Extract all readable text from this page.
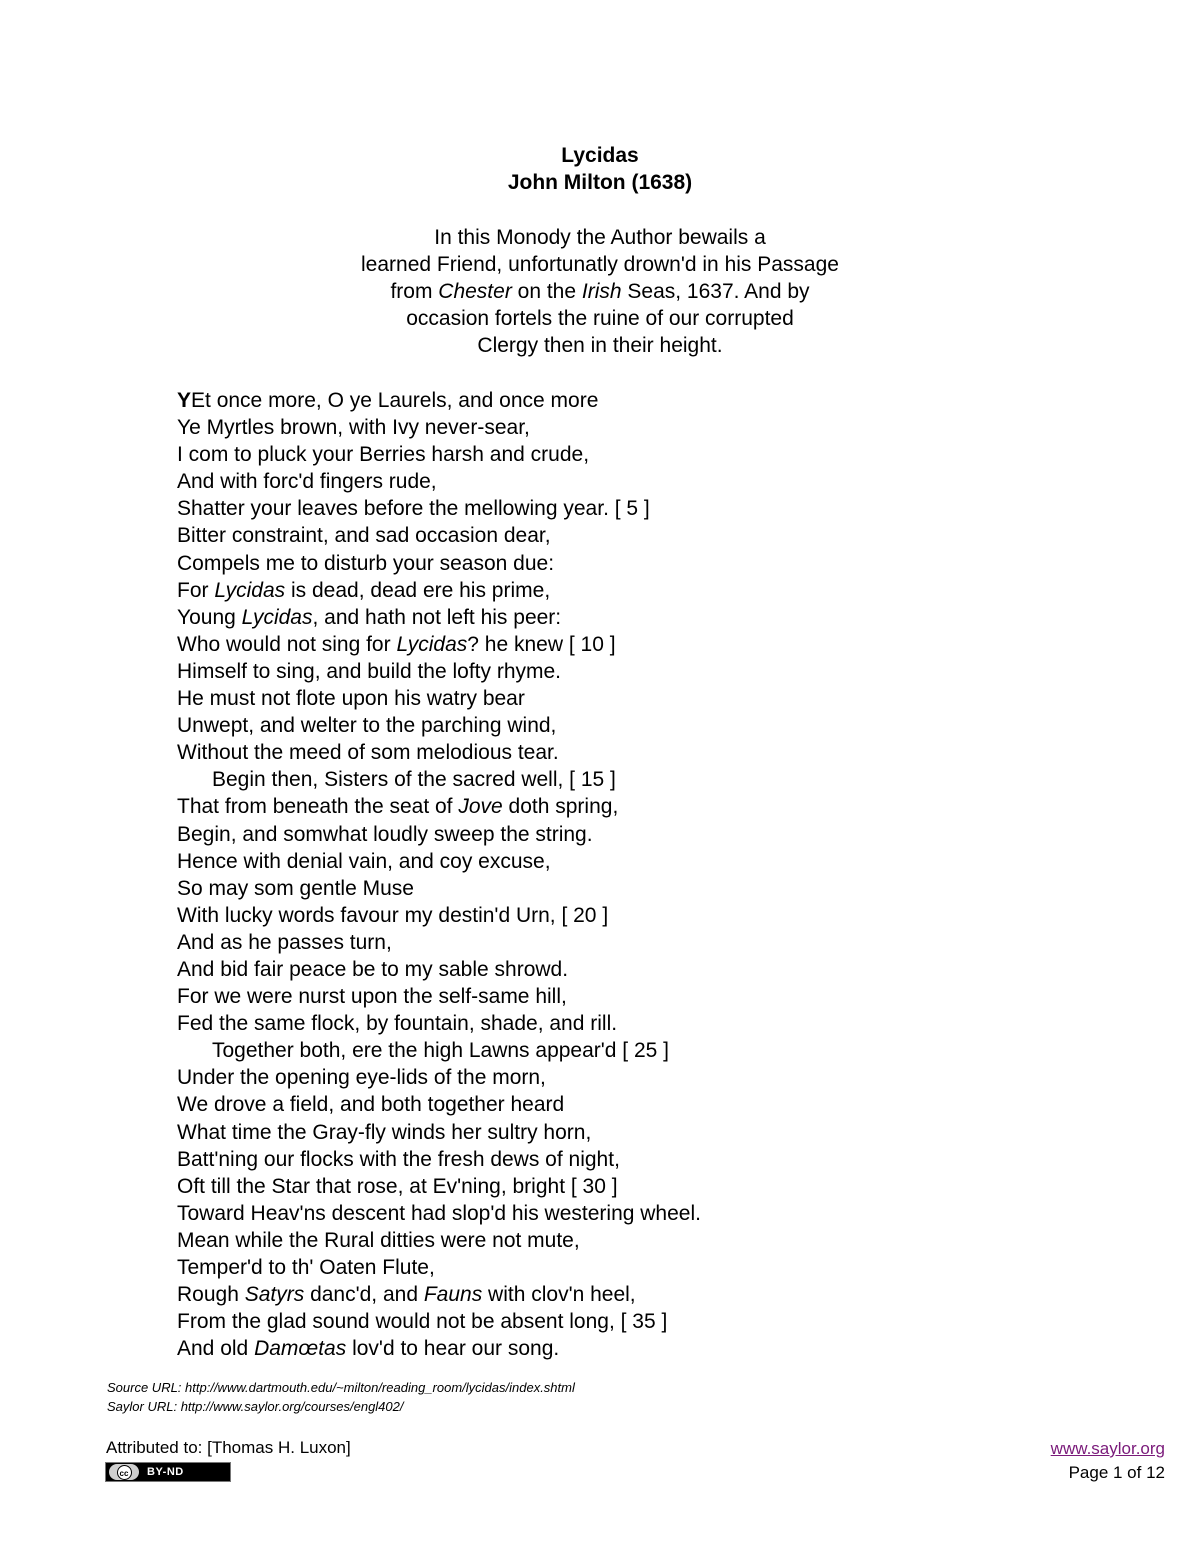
Lycidas
John Milton (1638)
In this Monody the Author bewails a
learned Friend, unfortunatly drown'd in his Passage
from Chester on the Irish Seas, 1637. And by
occasion fortels the ruine of our corrupted
Clergy then in their height.
YEt once more, O ye Laurels, and once more
Ye Myrtles brown, with Ivy never-sear,
I com to pluck your Berries harsh and crude,
And with forc'd fingers rude,
Shatter your leaves before the mellowing year. [ 5 ]
Bitter constraint, and sad occasion dear,
Compels me to disturb your season due:
For Lycidas is dead, dead ere his prime,
Young Lycidas, and hath not left his peer:
Who would not sing for Lycidas? he knew [ 10 ]
Himself to sing, and build the lofty rhyme.
He must not flote upon his watry bear
Unwept, and welter to the parching wind,
Without the meed of som melodious tear.
Begin then, Sisters of the sacred well, [ 15 ]
That from beneath the seat of Jove doth spring,
Begin, and somwhat loudly sweep the string.
Hence with denial vain, and coy excuse,
So may som gentle Muse
With lucky words favour my destin'd Urn, [ 20 ]
And as he passes turn,
And bid fair peace be to my sable shrowd.
For we were nurst upon the self-same hill,
Fed the same flock, by fountain, shade, and rill.
Together both, ere the high Lawns appear'd [ 25 ]
Under the opening eye-lids of the morn,
We drove a field, and both together heard
What time the Gray-fly winds her sultry horn,
Batt'ning our flocks with the fresh dews of night,
Oft till the Star that rose, at Ev'ning, bright [ 30 ]
Toward Heav'ns descent had slop'd his westering wheel.
Mean while the Rural ditties were not mute,
Temper'd to th' Oaten Flute,
Rough Satyrs danc'd, and Fauns with clov'n heel,
From the glad sound would not be absent long, [ 35 ]
And old Damœtas lov'd to hear our song.
Source URL: http://www.dartmouth.edu/~milton/reading_room/lycidas/index.shtml
Saylor URL: http://www.saylor.org/courses/engl402/
Attributed to: [Thomas H. Luxon]
cc BY-ND
www.saylor.org
Page 1 of 12
